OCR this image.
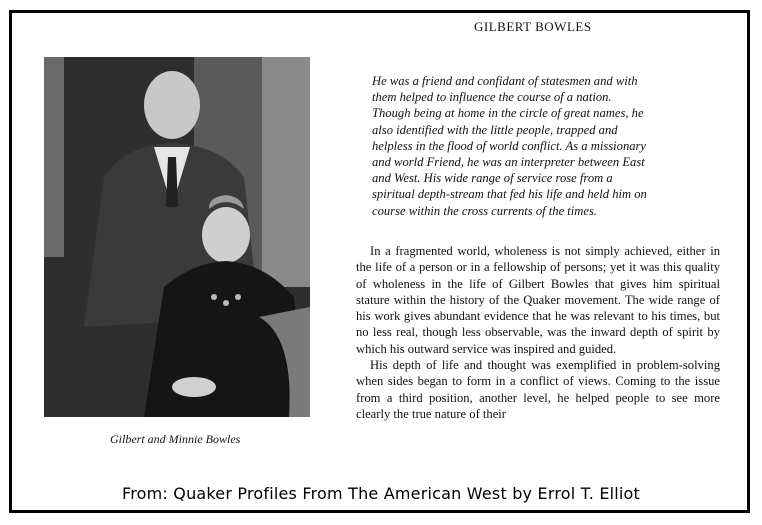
GILBERT BOWLES
Gilbert and Minnie Bowles
He was a friend and confidant of statesmen and with
them helped to influence the course of a nation.
Though being at home in the circle of great names, he
also identified with the little people, trapped and
helpless in the flood of world conflict. As a missionary
and world Friend, he was an interpreter between East
and West. His wide range of service rose from a
spiritual depth-stream that fed his life and held him on
course within the cross currents of the times.

In a fragmented world, wholeness is not simply achieved, either in the life of a person or in a fellowship of persons; yet it was this quality of wholeness in the life of Gilbert Bowles that gives him spiritual stature within the history of the Quaker movement. The wide range of his work gives abundant evidence that he was relevant to his times, but no less real, though less observable, was the inward depth of spirit by which his outward service was inspired and guided.

His depth of life and thought was exemplified in problem-solving when sides began to form in a conflict of views. Coming to the issue from a third position, another level, he helped people to see more clearly the true nature of their

From: Quaker Profiles From The American West by Errol T. Elliot
